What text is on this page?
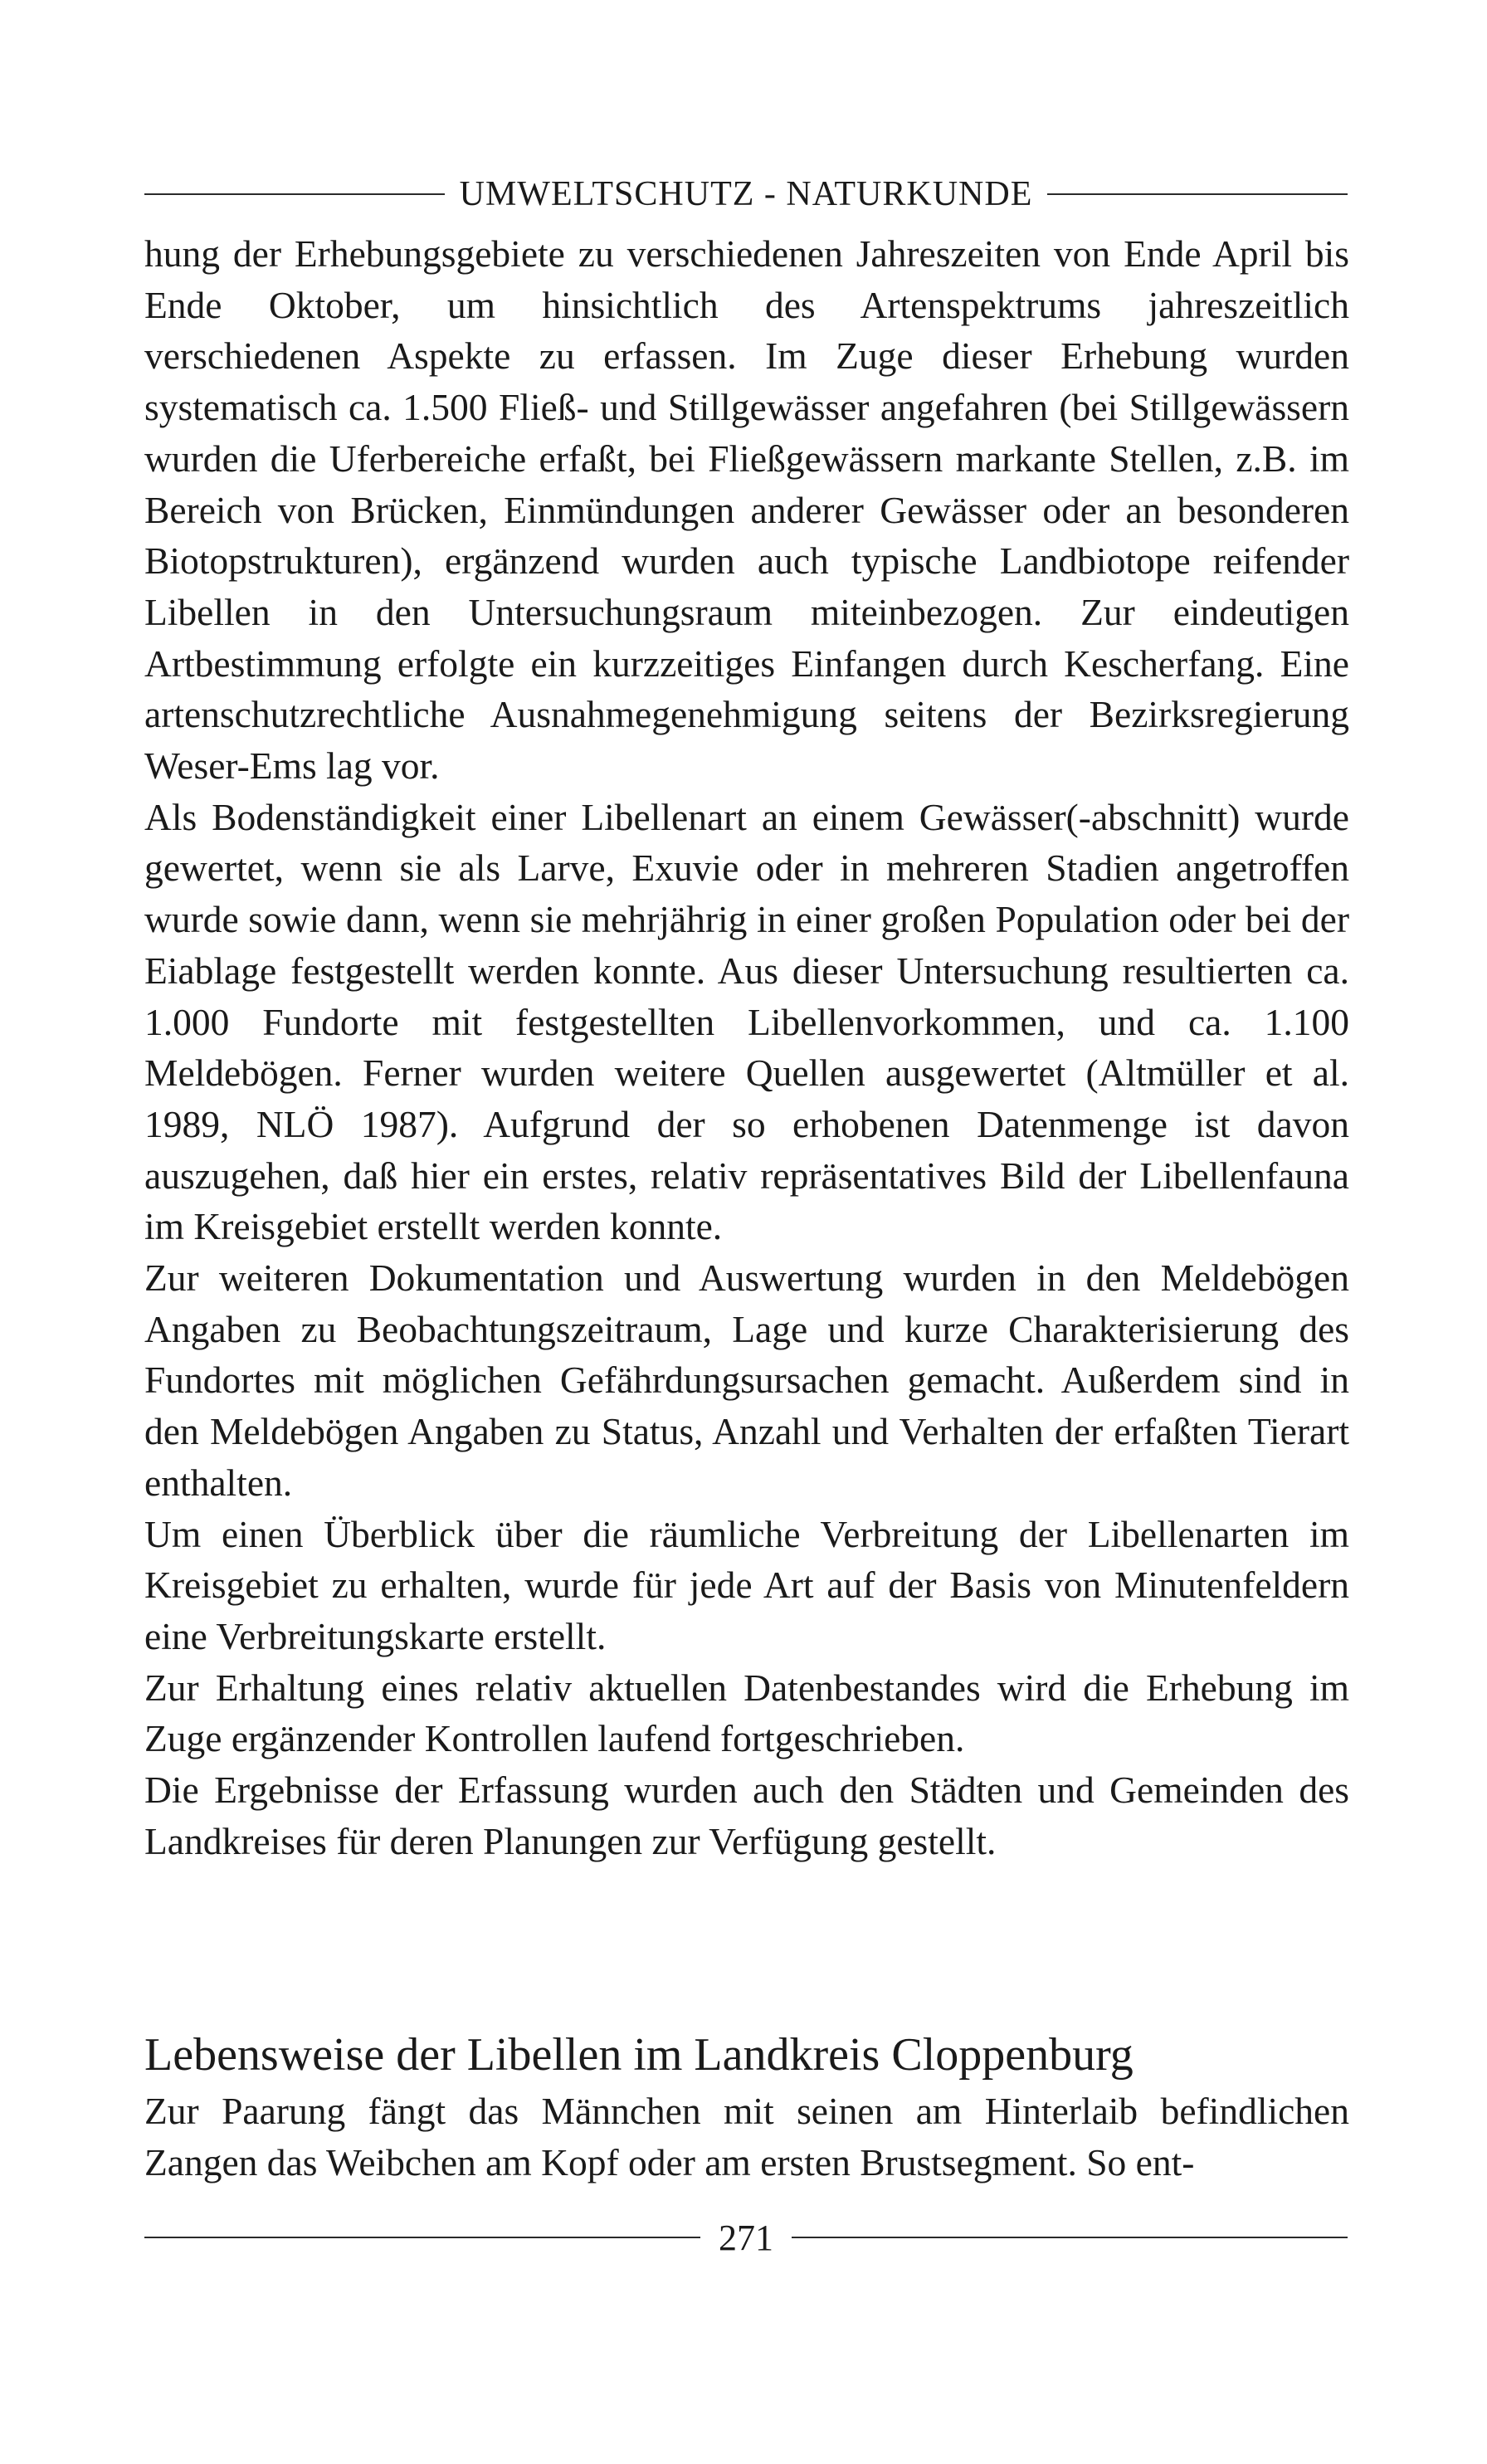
UMWELTSCHUTZ - NATURKUNDE

hung der Erhebungsgebiete zu verschiedenen Jahreszeiten von Ende April bis Ende Oktober, um hinsichtlich des Artenspektrums jahreszeitlich verschiedenen Aspekte zu erfassen. Im Zuge dieser Erhebung wurden systematisch ca. 1.500 Fließ- und Stillgewässer angefahren (bei Stillgewässern wurden die Uferbereiche erfaßt, bei Fließgewässern markante Stellen, z.B. im Bereich von Brücken, Einmündungen anderer Gewässer oder an besonderen Biotopstrukturen), ergänzend wurden auch typische Landbiotope reifender Libellen in den Untersuchungsraum miteinbezogen. Zur eindeutigen Artbestimmung erfolgte ein kurzzeitiges Einfangen durch Kescherfang. Eine artenschutzrechtliche Ausnahmegenehmigung seitens der Bezirksregierung Weser-Ems lag vor.

Als Bodenständigkeit einer Libellenart an einem Gewässer(-abschnitt) wurde gewertet, wenn sie als Larve, Exuvie oder in mehreren Stadien angetroffen wurde sowie dann, wenn sie mehrjährig in einer großen Population oder bei der Eiablage festgestellt werden konnte. Aus dieser Untersuchung resultierten ca. 1.000 Fundorte mit festgestellten Libellenvorkommen, und ca. 1.100 Meldebögen. Ferner wurden weitere Quellen ausgewertet (Altmüller et al. 1989, NLÖ 1987). Aufgrund der so erhobenen Datenmenge ist davon auszugehen, daß hier ein erstes, relativ repräsentatives Bild der Libellenfauna im Kreisgebiet erstellt werden konnte.

Zur weiteren Dokumentation und Auswertung wurden in den Meldebögen Angaben zu Beobachtungszeitraum, Lage und kurze Charakterisierung des Fundortes mit möglichen Gefährdungsursachen gemacht. Außerdem sind in den Meldebögen Angaben zu Status, Anzahl und Verhalten der erfaßten Tierart enthalten.

Um einen Überblick über die räumliche Verbreitung der Libellenarten im Kreisgebiet zu erhalten, wurde für jede Art auf der Basis von Minutenfeldern eine Verbreitungskarte erstellt.

Zur Erhaltung eines relativ aktuellen Datenbestandes wird die Erhebung im Zuge ergänzender Kontrollen laufend fortgeschrieben.

Die Ergebnisse der Erfassung wurden auch den Städten und Gemeinden des Landkreises für deren Planungen zur Verfügung gestellt.

Lebensweise der Libellen im Landkreis Cloppenburg

Zur Paarung fängt das Männchen mit seinen am Hinterlaib befindlichen Zangen das Weibchen am Kopf oder am ersten Brustsegment. So ent-

271
